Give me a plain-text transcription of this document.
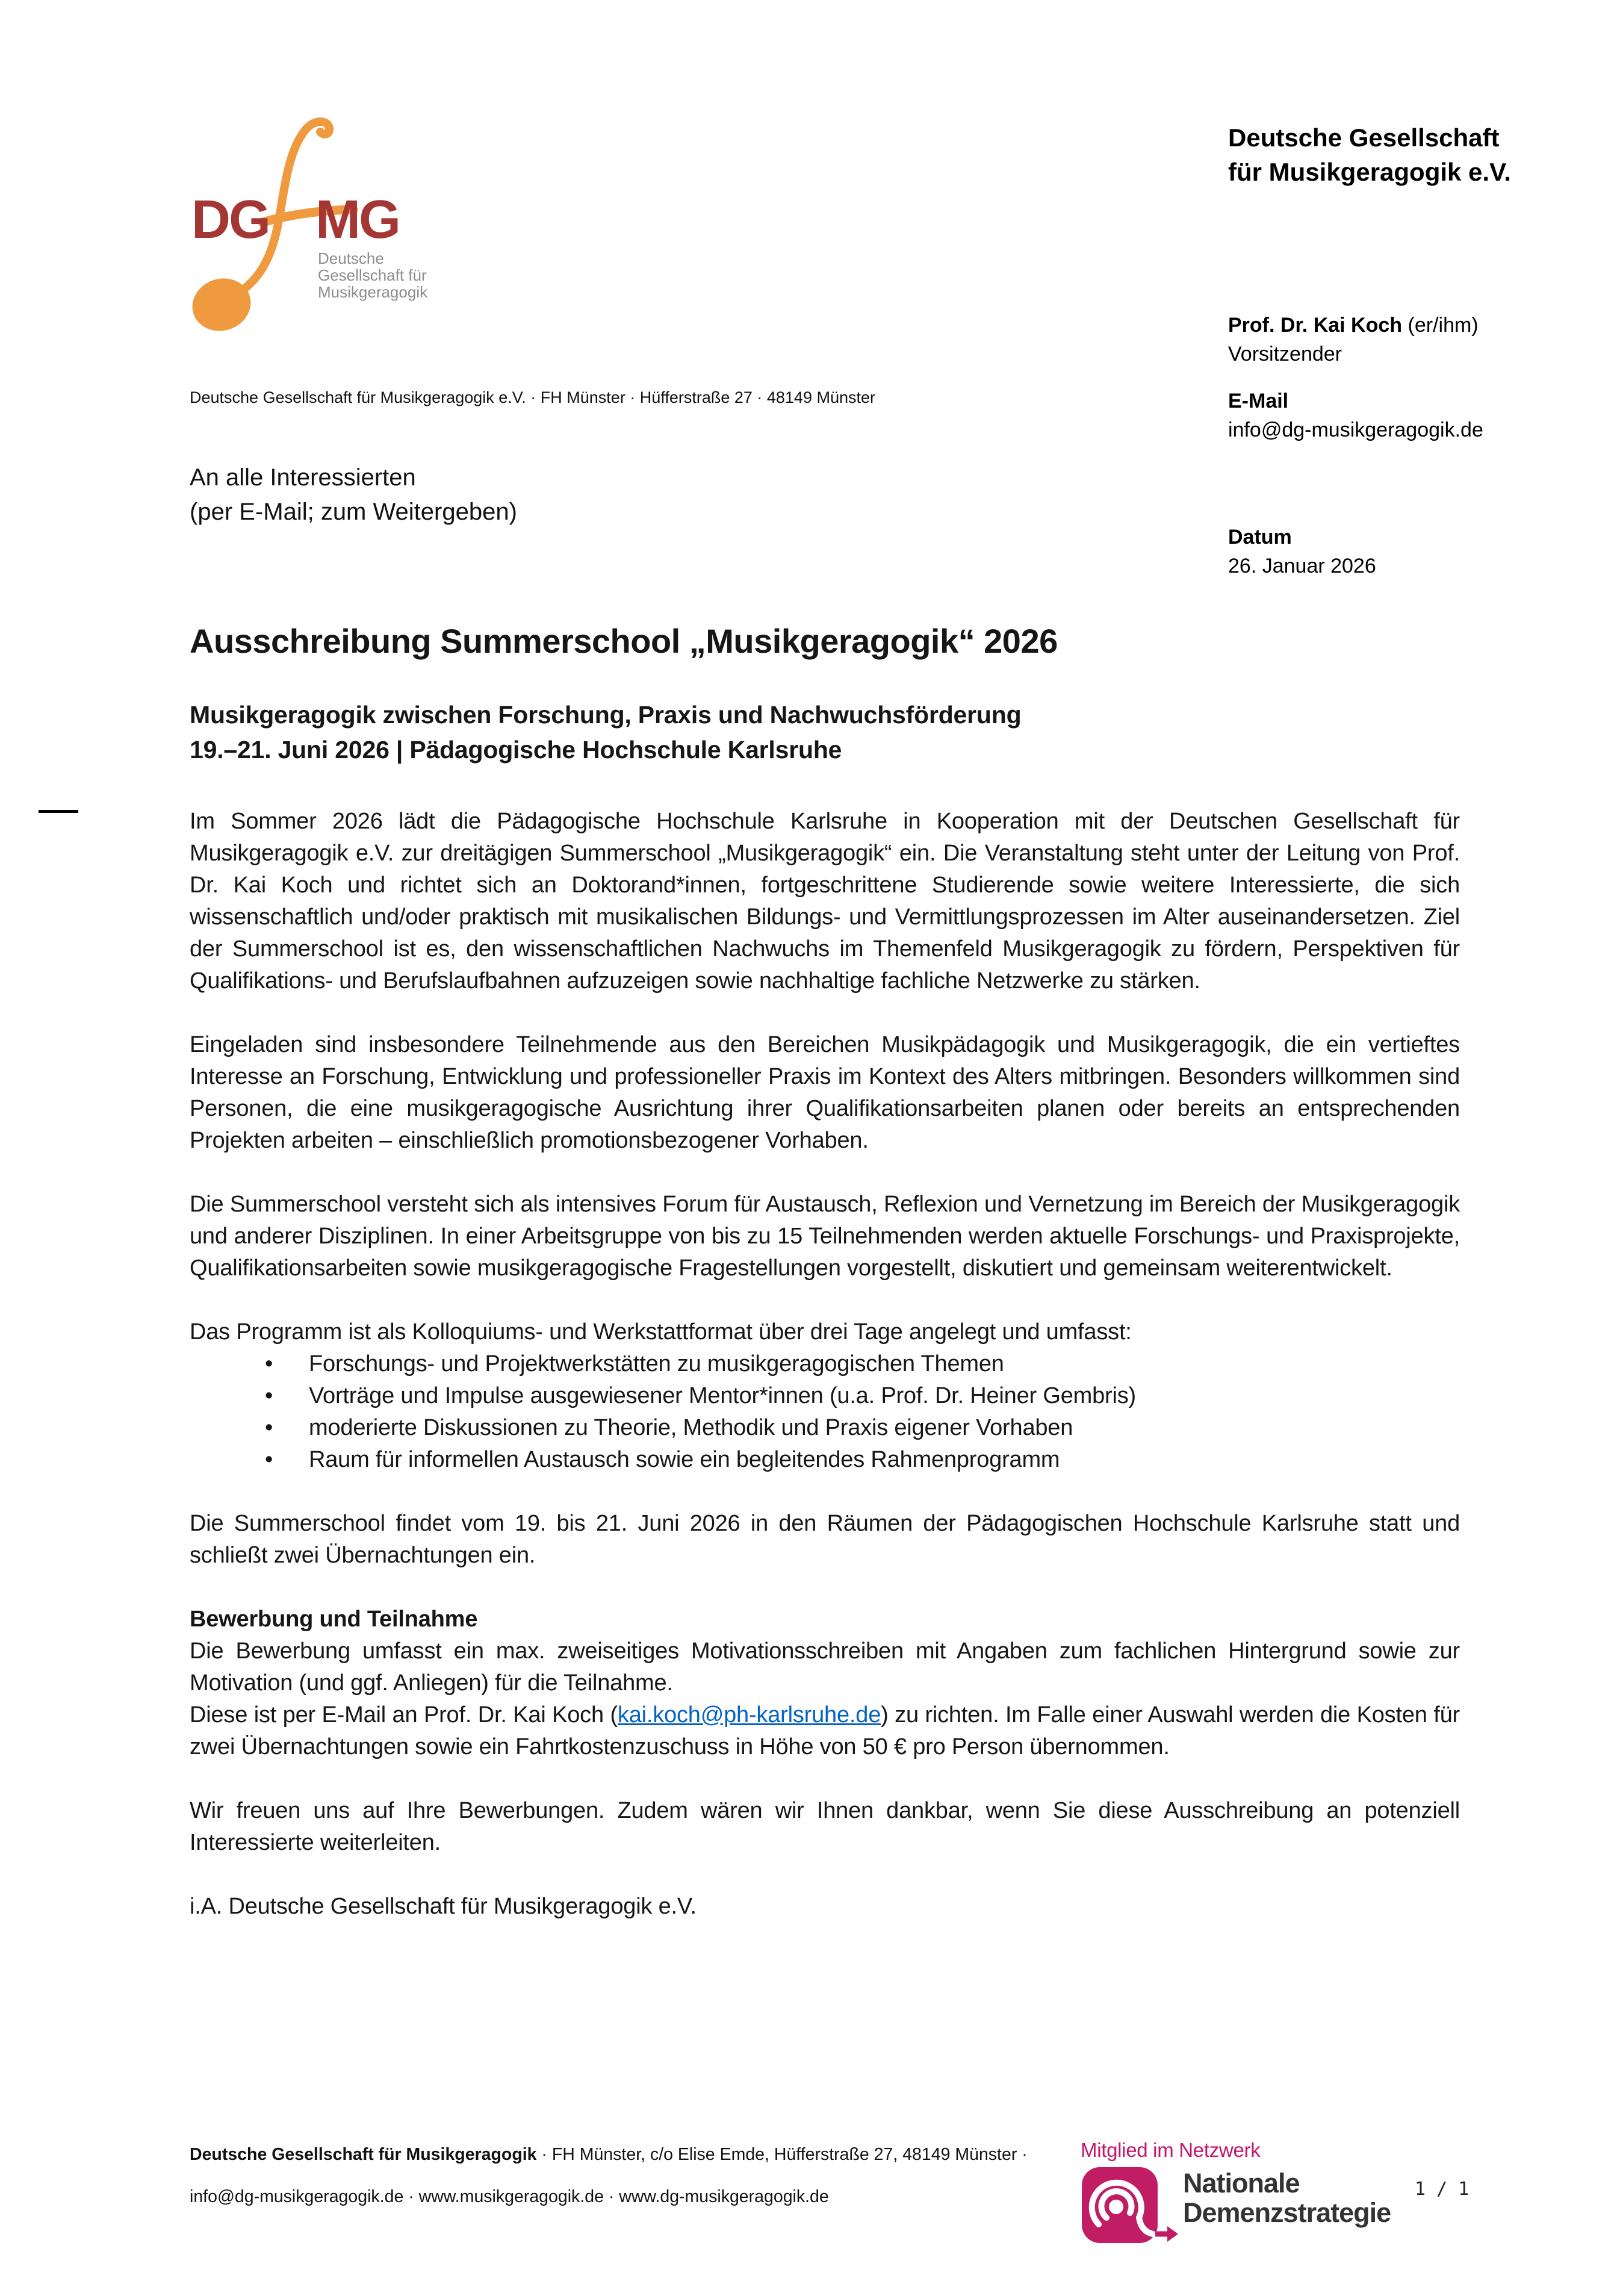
DG MG
Deutsche
Gesellschaft für
Musikgeragogik
Deutsche Gesellschaft
für Musikgeragogik e.V.
Prof. Dr. Kai Koch (er/ihm)
Vorsitzender
E-Mail
info@dg-musikgeragogik.de
Datum
26. Januar 2026
Deutsche Gesellschaft für Musikgeragogik e.V. · FH Münster · Hüfferstraße 27 · 48149 Münster
An alle Interessierten
(per E-Mail; zum Weitergeben)
Ausschreibung Summerschool „Musikgeragogik“ 2026
Musikgeragogik zwischen Forschung, Praxis und Nachwuchsförderung
19.–21. Juni 2026 | Pädagogische Hochschule Karlsruhe

Im Sommer 2026 lädt die Pädagogische Hochschule Karlsruhe in Kooperation mit der Deutschen Gesellschaft für Musikgeragogik e.V. zur dreitägigen Summerschool „Musikgeragogik“ ein. Die Veranstaltung steht unter der Leitung von Prof. Dr. Kai Koch und richtet sich an Doktorand*innen, fortgeschrittene Studierende sowie weitere Interessierte, die sich wissenschaftlich und/oder praktisch mit musikalischen Bildungs- und Vermittlungsprozessen im Alter auseinandersetzen. Ziel der Summerschool ist es, den wissenschaftlichen Nachwuchs im Themenfeld Musikgeragogik zu fördern, Perspektiven für Qualifikations- und Berufslaufbahnen aufzuzeigen sowie nachhaltige fachliche Netzwerke zu stärken.

Eingeladen sind insbesondere Teilnehmende aus den Bereichen Musikpädagogik und Musikgeragogik, die ein vertieftes Interesse an Forschung, Entwicklung und professioneller Praxis im Kontext des Alters mitbringen. Besonders willkommen sind Personen, die eine musikgeragogische Ausrichtung ihrer Qualifikationsarbeiten planen oder bereits an entsprechenden Projekten arbeiten – einschließlich promotionsbezogener Vorhaben.

Die Summerschool versteht sich als intensives Forum für Austausch, Reflexion und Vernetzung im Bereich der Musikgeragogik und anderer Disziplinen. In einer Arbeitsgruppe von bis zu 15 Teilnehmenden werden aktuelle Forschungs- und Praxisprojekte, Qualifikationsarbeiten sowie musikgeragogische Fragestellungen vorgestellt, diskutiert und gemeinsam weiterentwickelt.

Das Programm ist als Kolloquiums- und Werkstattformat über drei Tage angelegt und umfasst:

• Forschungs- und Projektwerkstätten zu musikgeragogischen Themen
• Vorträge und Impulse ausgewiesener Mentor*innen (u.a. Prof. Dr. Heiner Gembris)
• moderierte Diskussionen zu Theorie, Methodik und Praxis eigener Vorhaben
• Raum für informellen Austausch sowie ein begleitendes Rahmenprogramm

Die Summerschool findet vom 19. bis 21. Juni 2026 in den Räumen der Pädagogischen Hochschule Karlsruhe statt und schließt zwei Übernachtungen ein.

Bewerbung und Teilnahme

Die Bewerbung umfasst ein max. zweiseitiges Motivationsschreiben mit Angaben zum fachlichen Hintergrund sowie zur Motivation (und ggf. Anliegen) für die Teilnahme.

Diese ist per E-Mail an Prof. Dr. Kai Koch (kai.koch@ph-karlsruhe.de) zu richten. Im Falle einer Auswahl werden die Kosten für zwei Übernachtungen sowie ein Fahrtkostenzuschuss in Höhe von 50 € pro Person übernommen.

Wir freuen uns auf Ihre Bewerbungen. Zudem wären wir Ihnen dankbar, wenn Sie diese Ausschreibung an potenziell Interessierte weiterleiten.

i.A. Deutsche Gesellschaft für Musikgeragogik e.V.

Deutsche Gesellschaft für Musikgeragogik · FH Münster, c/o Elise Emde, Hüfferstraße 27, 48149 Münster ·
info@dg-musikgeragogik.de · www.musikgeragogik.de · www.dg-musikgeragogik.de
Mitglied im Netzwerk
Nationale
Demenzstrategie
1 / 1
